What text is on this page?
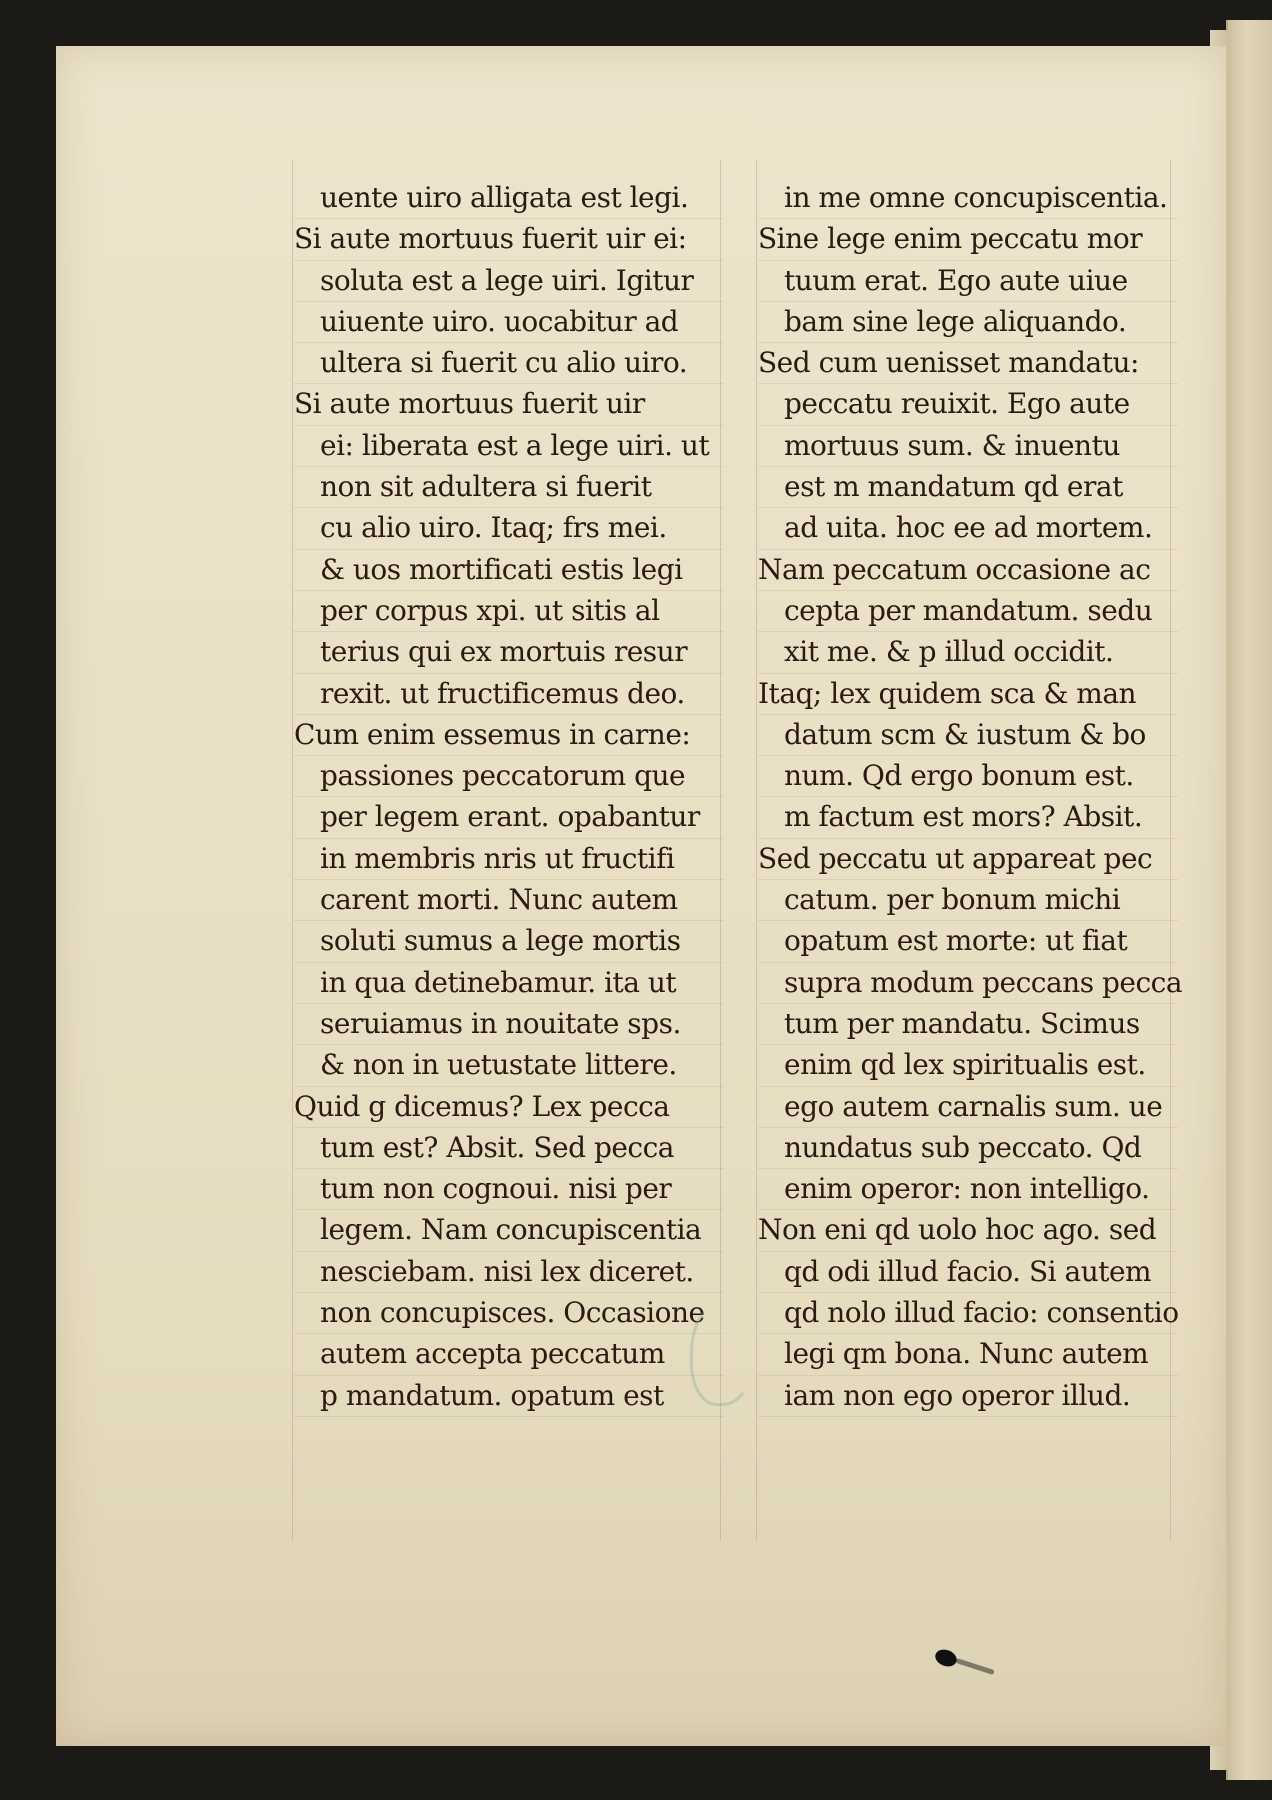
uente uiro alligata est legi.
Si aute mortuus fuerit uir ei:
soluta est a lege uiri. Igitur
uiuente uiro. uocabitur ad
ultera si fuerit cu alio uiro.
Si aute mortuus fuerit uir
ei: liberata est a lege uiri. ut
non sit adultera si fuerit
cu alio uiro. Itaq; frs mei.
& uos mortificati estis legi
per corpus xpi. ut sitis al
terius qui ex mortuis resur
rexit. ut fructificemus deo.
Cum enim essemus in carne:
passiones peccatorum que
per legem erant. opabantur
in membris nris ut fructifi
carent morti. Nunc autem
soluti sumus a lege mortis
in qua detinebamur. ita ut
seruiamus in nouitate sps.
& non in uetustate littere.
Quid g dicemus? Lex pecca
tum est? Absit. Sed pecca
tum non cognoui. nisi per
legem. Nam concupiscentia
nesciebam. nisi lex diceret.
non concupisces. Occasione
autem accepta peccatum
p mandatum. opatum est
in me omne concupiscentia.
Sine lege enim peccatu mor
tuum erat. Ego aute uiue
bam sine lege aliquando.
Sed cum uenisset mandatu:
peccatu reuixit. Ego aute
mortuus sum. & inuentu
est m mandatum qd erat
ad uita. hoc ee ad mortem.
Nam peccatum occasione ac
cepta per mandatum. sedu
xit me. & p illud occidit.
Itaq; lex quidem sca & man
datum scm & iustum & bo
num. Qd ergo bonum est.
m factum est mors? Absit.
Sed peccatu ut appareat pec
catum. per bonum michi
opatum est morte: ut fiat
supra modum peccans pecca
tum per mandatu. Scimus
enim qd lex spiritualis est.
ego autem carnalis sum. ue
nundatus sub peccato. Qd
enim operor: non intelligo.
Non eni qd uolo hoc ago. sed
qd odi illud facio. Si autem
qd nolo illud facio: consentio
legi qm bona. Nunc autem
iam non ego operor illud.
